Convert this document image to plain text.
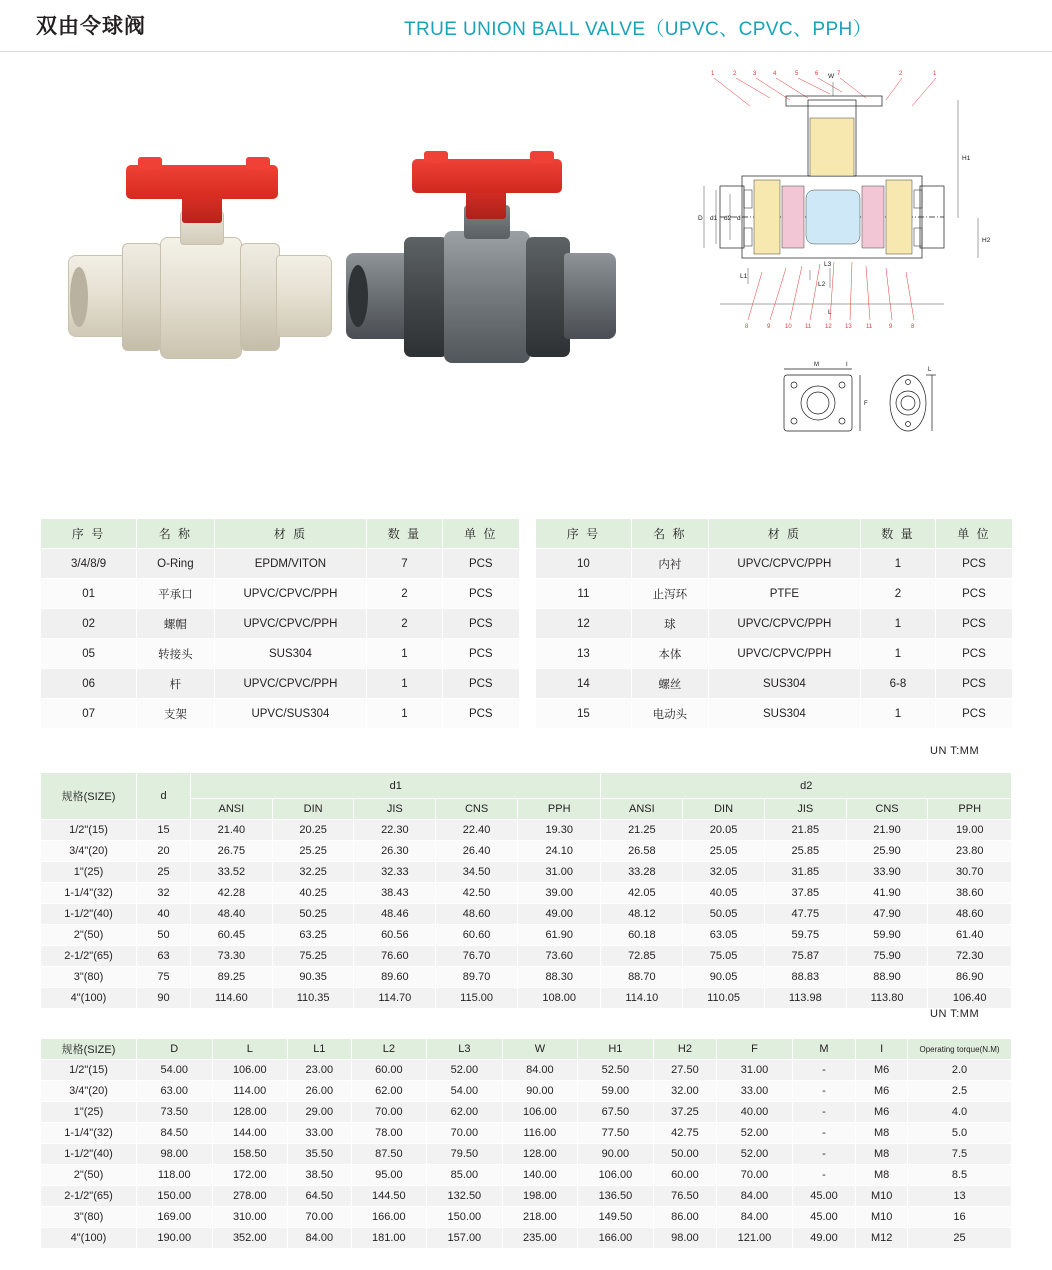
双由令球阀	TRUE UNION BALL VALVE（UPVC、CPVC、PPH）
1	2	3	4	5	6	7	2	1
W
H1
H2
D d1 d2 d
L1
L3
L2
L
8	9 10 11 12 13 11	9	8
M	I
F
L
序 号	名 称	材 质	数 量	单 位
3/4/8/9	O-Ring	EPDM/VITON	7	PCS
01	平承口	UPVC/CPVC/PPH	2	PCS
02	螺帽	UPVC/CPVC/PPH	2	PCS
05	转接头	SUS304	1	PCS
06	杆	UPVC/CPVC/PPH	1	PCS
07	支架	UPVC/SUS304	1	PCS
序 号	名 称	材 质	数 量	单 位
10	内衬	UPVC/CPVC/PPH	1	PCS
11	止泻环	PTFE	2	PCS
12	球	UPVC/CPVC/PPH	1	PCS
13	本体	UPVC/CPVC/PPH	1	PCS
14	螺丝	SUS304	6-8	PCS
15	电动头	SUS304	1	PCS
UN T:MM
规格(SIZE)	d	d1					d2				
		ANSI	DIN	JIS	CNS	PPH	ANSI	DIN	JIS	CNS	PPH
1/2"(15)	15	21.40	20.25	22.30	22.40	19.30	21.25	20.05	21.85	21.90	19.00
3/4"(20)	20	26.75	25.25	26.30	26.40	24.10	26.58	25.05	25.85	25.90	23.80
1"(25)	25	33.52	32.25	32.33	34.50	31.00	33.28	32.05	31.85	33.90	30.70
1-1/4"(32)	32	42.28	40.25	38.43	42.50	39.00	42.05	40.05	37.85	41.90	38.60
1-1/2"(40)	40	48.40	50.25	48.46	48.60	49.00	48.12	50.05	47.75	47.90	48.60
2"(50)	50	60.45	63.25	60.56	60.60	61.90	60.18	63.05	59.75	59.90	61.40
2-1/2"(65)	63	73.30	75.25	76.60	76.70	73.60	72.85	75.05	75.87	75.90	72.30
3"(80)	75	89.25	90.35	89.60	89.70	88.30	88.70	90.05	88.83	88.90	86.90
4"(100)	90	114.60	110.35	114.70	115.00	108.00	114.10	110.05	113.98	113.80	106.40
UN T:MM
规格(SIZE)	D	L	L1	L2	L3	W	H1	H2	F	M	I	Operating torque(N.M)
1/2"(15)	54.00	106.00	23.00	60.00	52.00	84.00	52.50	27.50	31.00	-	M6	2.0
3/4"(20)	63.00	114.00	26.00	62.00	54.00	90.00	59.00	32.00	33.00	-	M6	2.5
1"(25)	73.50	128.00	29.00	70.00	62.00	106.00	67.50	37.25	40.00	-	M6	4.0
1-1/4"(32)	84.50	144.00	33.00	78.00	70.00	116.00	77.50	42.75	52.00	-	M8	5.0
1-1/2"(40)	98.00	158.50	35.50	87.50	79.50	128.00	90.00	50.00	52.00	-	M8	7.5
2"(50)	118.00	172.00	38.50	95.00	85.00	140.00	106.00	60.00	70.00	-	M8	8.5
2-1/2"(65)	150.00	278.00	64.50	144.50	132.50	198.00	136.50	76.50	84.00	45.00	M10	13
3"(80)	169.00	310.00	70.00	166.00	150.00	218.00	149.50	86.00	84.00	45.00	M10	16
4"(100)	190.00	352.00	84.00	181.00	157.00	235.00	166.00	98.00	121.00	49.00	M12	25
